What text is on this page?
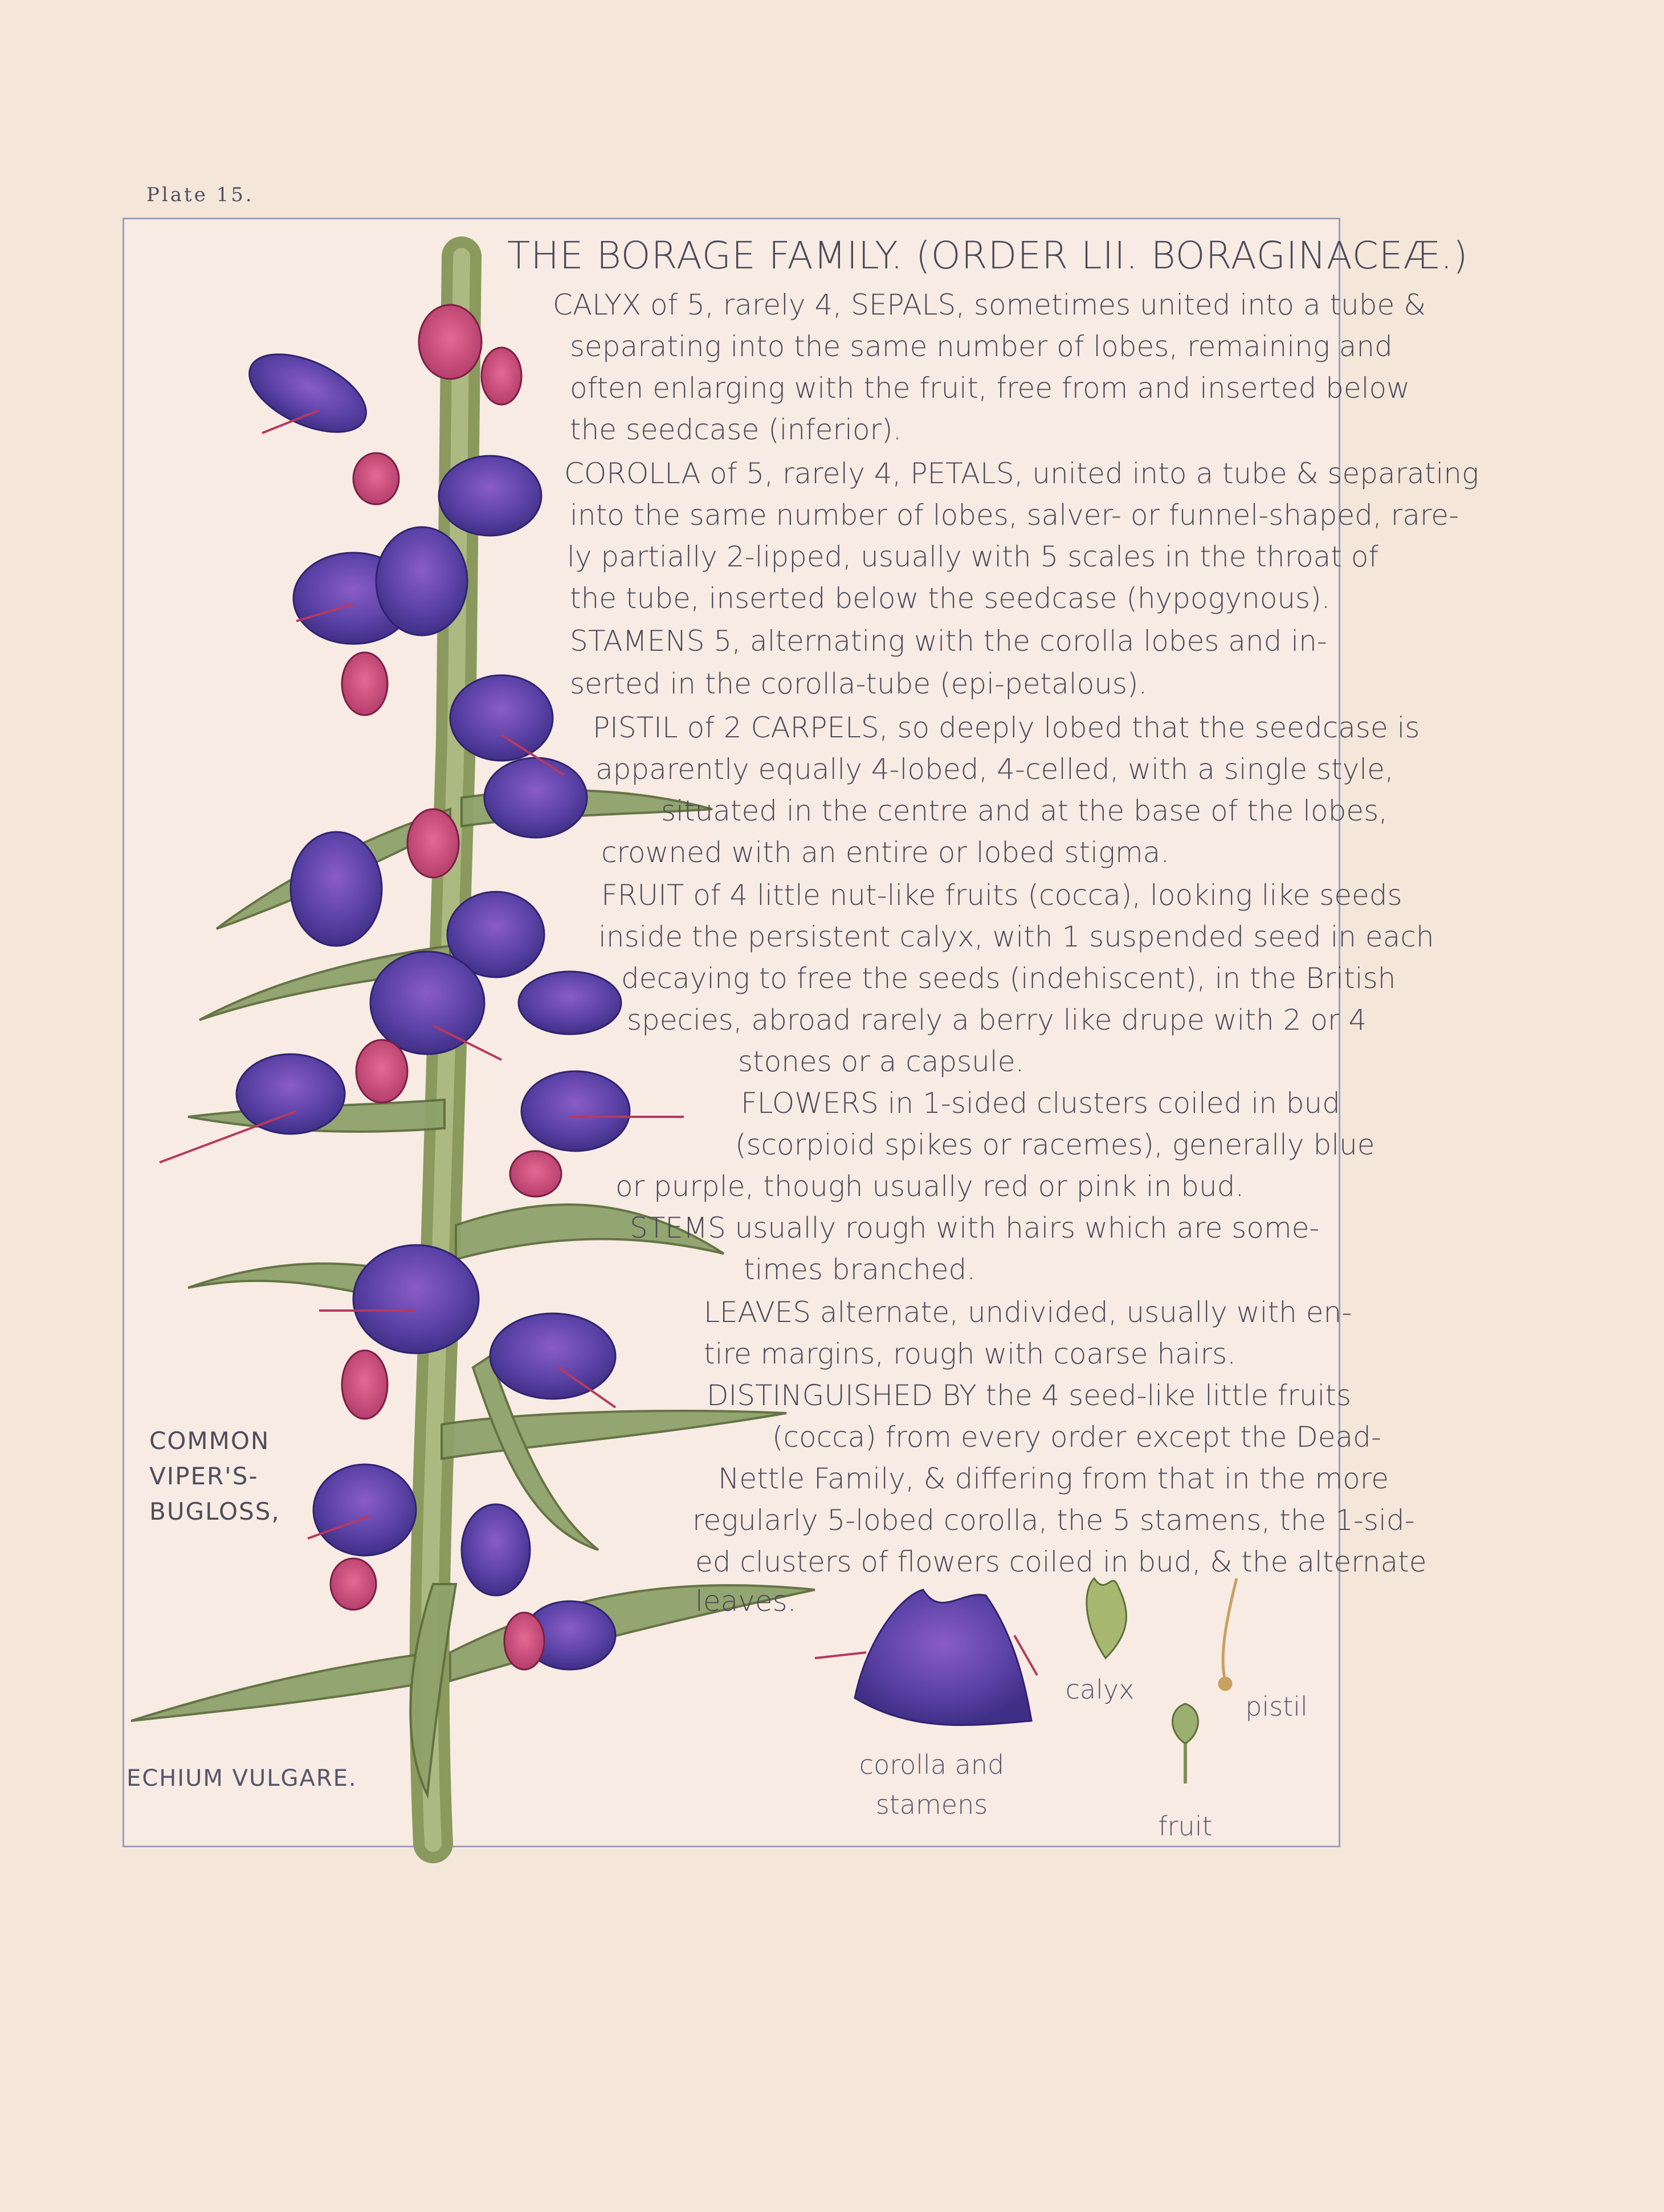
Plate 15.
THE BORAGE FAMILY. (ORDER LII. BORAGINACEÆ.)
CALYX of 5, rarely 4, SEPALS, sometimes united into a tube &
separating into the same number of lobes, remaining and
often enlarging with the fruit, free from and inserted below
the seedcase (inferior).
COROLLA of 5, rarely 4, PETALS, united into a tube & separating
into the same number of lobes, salver- or funnel-shaped, rare-
ly partially 2-lipped, usually with 5 scales in the throat of
the tube, inserted below the seedcase (hypogynous).
STAMENS 5, alternating with the corolla lobes and in-
serted in the corolla-tube (epi-petalous).
PISTIL of 2 CARPELS, so deeply lobed that the seedcase is
apparently equally 4-lobed, 4-celled, with a single style,
situated in the centre and at the base of the lobes,
crowned with an entire or lobed stigma.
FRUIT of 4 little nut-like fruits (cocca), looking like seeds
inside the persistent calyx, with 1 suspended seed in each
decaying to free the seeds (indehiscent), in the British
species, abroad rarely a berry like drupe with 2 or 4
stones or a capsule.
FLOWERS in 1-sided clusters coiled in bud
(scorpioid spikes or racemes), generally blue
or purple, though usually red or pink in bud.
STEMS usually rough with hairs which are some-
times branched.
LEAVES alternate, undivided, usually with en-
tire margins, rough with coarse hairs.
DISTINGUISHED BY the 4 seed-like little fruits
(cocca) from every order except the Dead-
Nettle Family, & differing from that in the more
regularly 5-lobed corolla, the 5 stamens, the 1-sid-
ed clusters of flowers coiled in bud, & the alternate
leaves.
COMMON
VIPER'S-
BUGLOSS,
ECHIUM VULGARE.	corolla and
stamens
calyx
pistil
fruit
